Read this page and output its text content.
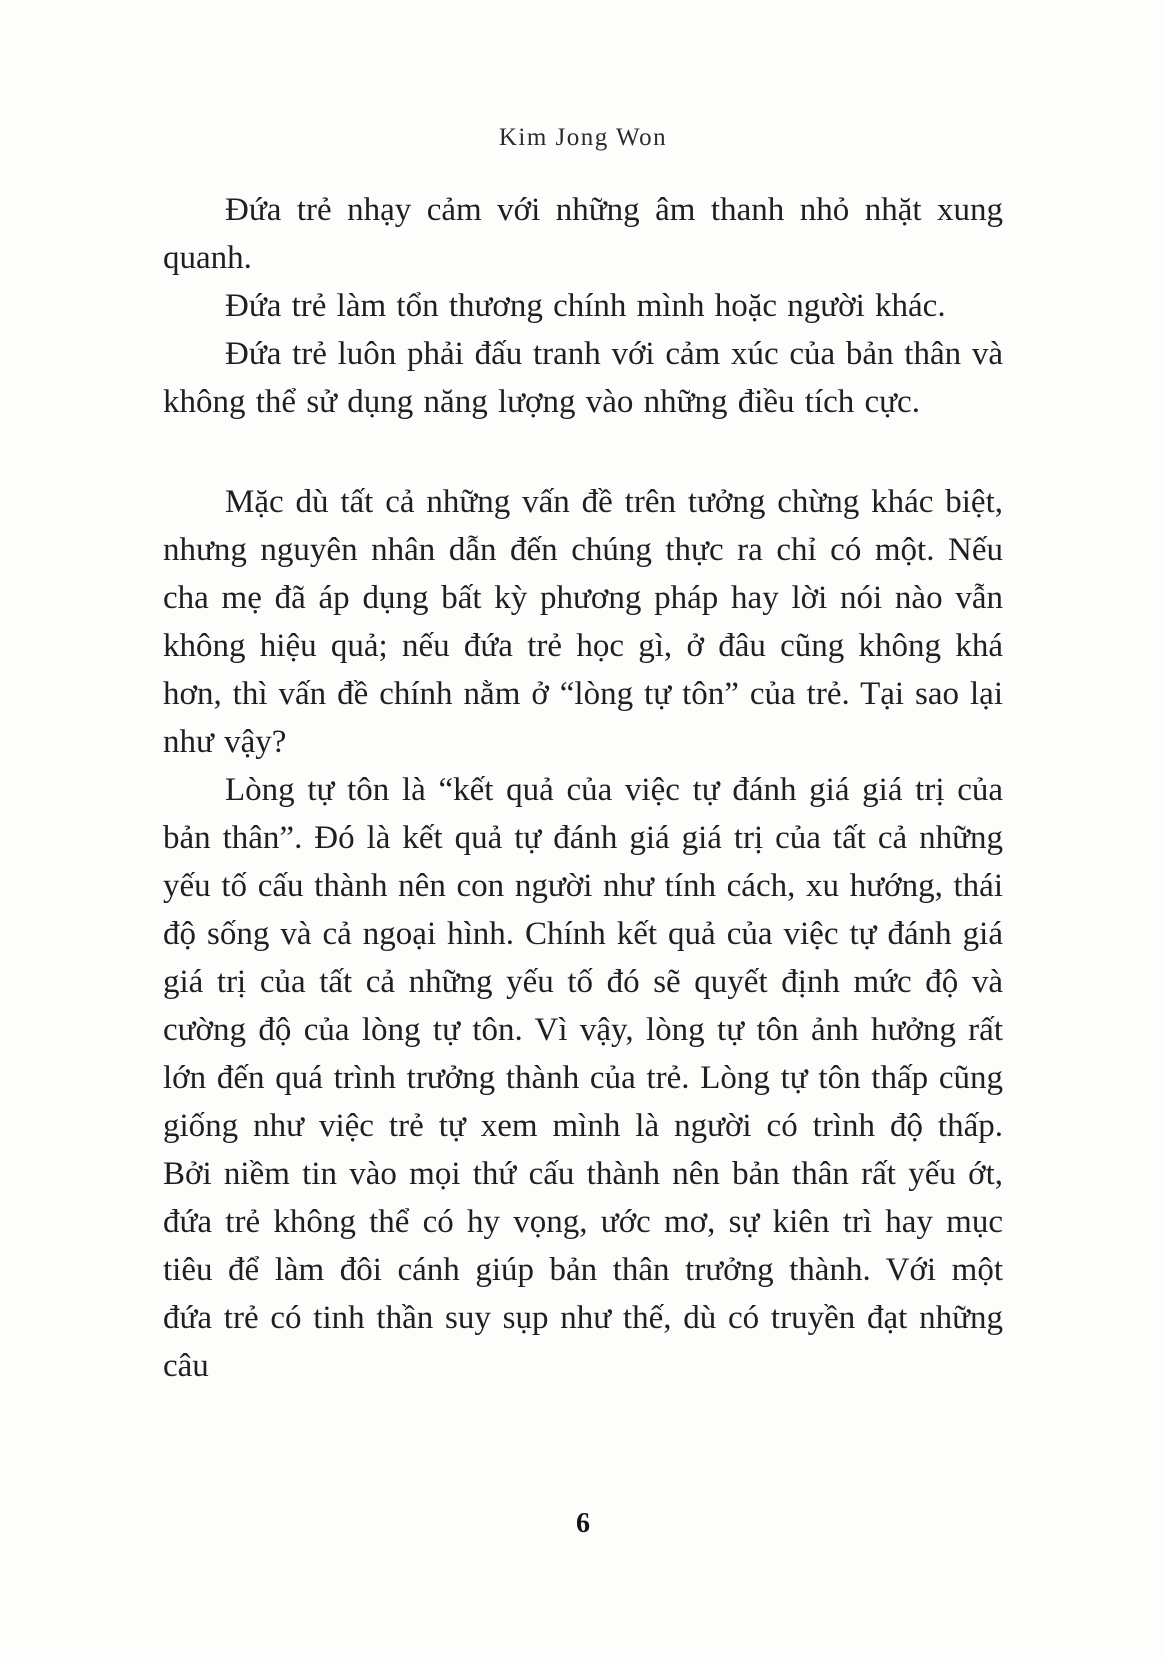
Kim Jong Won

Đứa trẻ nhạy cảm với những âm thanh nhỏ nhặt xung quanh.

Đứa trẻ làm tổn thương chính mình hoặc người khác.

Đứa trẻ luôn phải đấu tranh với cảm xúc của bản thân và không thể sử dụng năng lượng vào những điều tích cực.

Mặc dù tất cả những vấn đề trên tưởng chừng khác biệt, nhưng nguyên nhân dẫn đến chúng thực ra chỉ có một. Nếu cha mẹ đã áp dụng bất kỳ phương pháp hay lời nói nào vẫn không hiệu quả; nếu đứa trẻ học gì, ở đâu cũng không khá hơn, thì vấn đề chính nằm ở “lòng tự tôn” của trẻ. Tại sao lại như vậy?

Lòng tự tôn là “kết quả của việc tự đánh giá giá trị của bản thân”. Đó là kết quả tự đánh giá giá trị của tất cả những yếu tố cấu thành nên con người như tính cách, xu hướng, thái độ sống và cả ngoại hình. Chính kết quả của việc tự đánh giá giá trị của tất cả những yếu tố đó sẽ quyết định mức độ và cường độ của lòng tự tôn. Vì vậy, lòng tự tôn ảnh hưởng rất lớn đến quá trình trưởng thành của trẻ. Lòng tự tôn thấp cũng giống như việc trẻ tự xem mình là người có trình độ thấp. Bởi niềm tin vào mọi thứ cấu thành nên bản thân rất yếu ớt, đứa trẻ không thể có hy vọng, ước mơ, sự kiên trì hay mục tiêu để làm đôi cánh giúp bản thân trưởng thành. Với một đứa trẻ có tinh thần suy sụp như thế, dù có truyền đạt những câu

6
